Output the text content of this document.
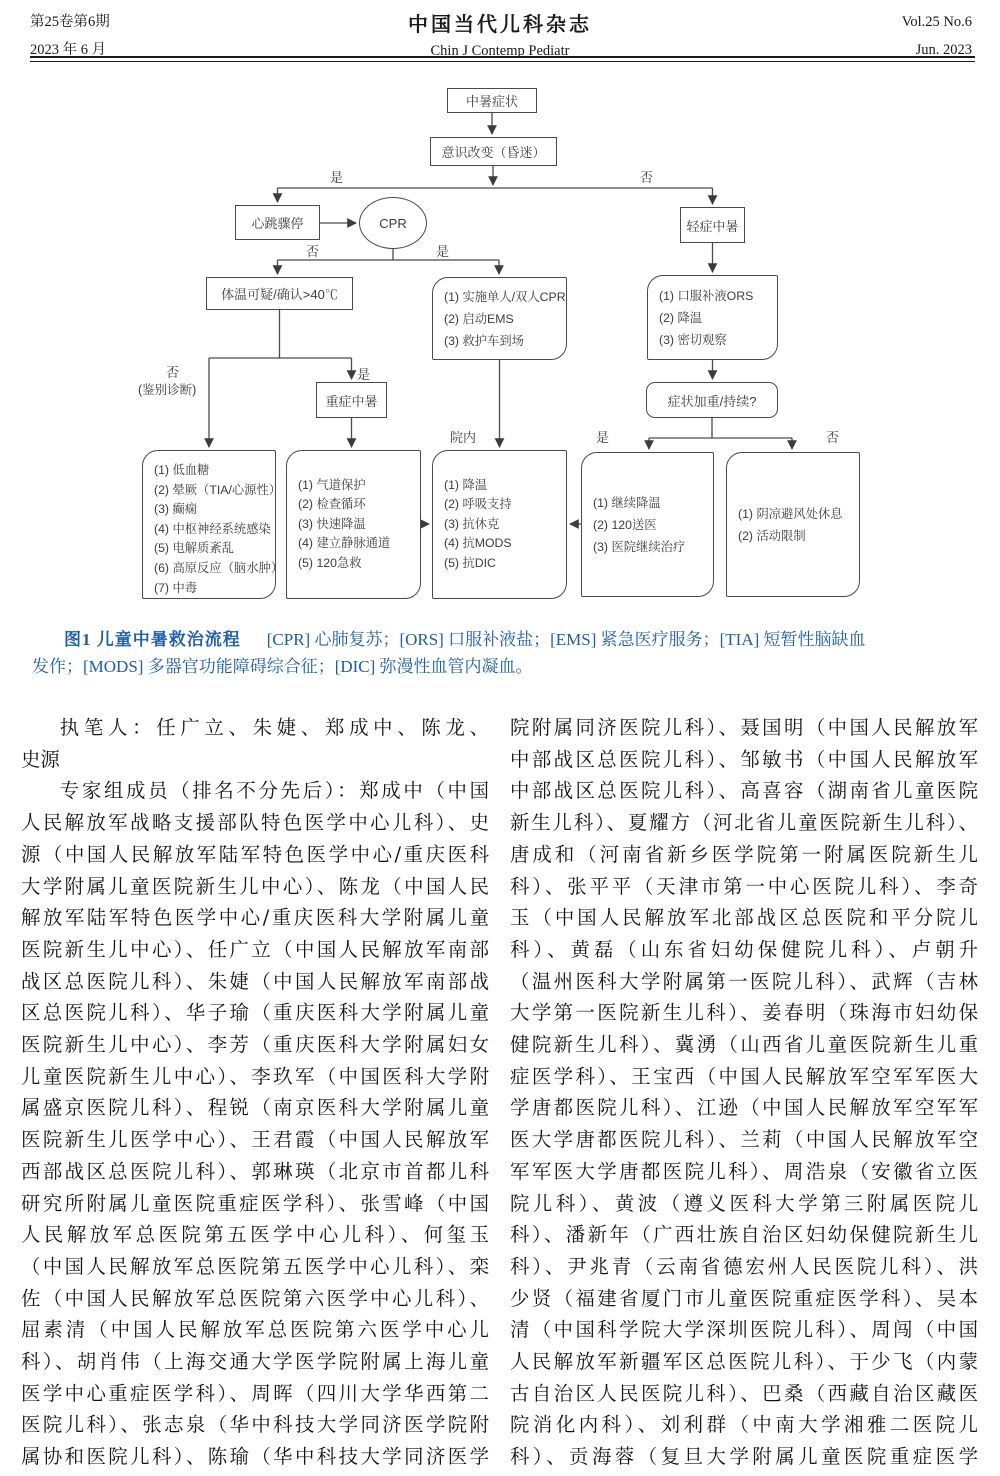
第25卷第6期
2023 年 6 月
中国当代儿科杂志
Chin J Contemp Pediatr
Vol.25 No.6
Jun. 2023
中暑症状
意识改变（昏迷）
心跳骤停	CPR	轻症中暑
体温可疑/确认>40℃
重症中暑	症状加重/持续?
(1) 实施单人/双人CPR
(2) 启动EMS
(3) 救护车到场
(1) 口服补液ORS
(2) 降温
(3) 密切观察
(1) 低血糖
(2) 晕厥（TIA/心源性）
(3) 癫痫
(4) 中枢神经系统感染
(5) 电解质紊乱
(6) 高原反应（脑水肿）
(7) 中毒
(1) 气道保护
(2) 检查循环
(3) 快速降温
(4) 建立静脉通道
(5) 120急救
(1) 降温
(2) 呼吸支持
(3) 抗休克
(4) 抗MODS
(5) 抗DIC
(1) 继续降温
(2) 120送医
(3) 医院继续治疗
(1) 阴凉避风处休息
(2) 活动限制
是	否
否	是
否
(鉴别诊断)
是
院内	是	否
图1 儿童中暑救治流程 [CPR] 心肺复苏；[ORS] 口服补液盐；[EMS] 紧急医疗服务；[TIA] 短暂性脑缺血
发作；[MODS] 多器官功能障碍综合征；[DIC] 弥漫性血管内凝血。
执笔人：任广立、朱婕、郑成中、陈龙、
史源
专家组成员（排名不分先后）：郑成中（中国
人民解放军战略支援部队特色医学中心儿科）、史
源（中国人民解放军陆军特色医学中心/重庆医科
大学附属儿童医院新生儿中心）、陈龙（中国人民
解放军陆军特色医学中心/重庆医科大学附属儿童
医院新生儿中心）、任广立（中国人民解放军南部
战区总医院儿科）、朱婕（中国人民解放军南部战
区总医院儿科）、华子瑜（重庆医科大学附属儿童
医院新生儿中心）、李芳（重庆医科大学附属妇女
儿童医院新生儿中心）、李玖军（中国医科大学附
属盛京医院儿科）、程锐（南京医科大学附属儿童
医院新生儿医学中心）、王君霞（中国人民解放军
西部战区总医院儿科）、郭琳瑛（北京市首都儿科
研究所附属儿童医院重症医学科）、张雪峰（中国
人民解放军总医院第五医学中心儿科）、何玺玉
（中国人民解放军总医院第五医学中心儿科）、栾
佐（中国人民解放军总医院第六医学中心儿科）、
屈素清（中国人民解放军总医院第六医学中心儿
科）、胡肖伟（上海交通大学医学院附属上海儿童
医学中心重症医学科）、周晖（四川大学华西第二
医院儿科）、张志泉（华中科技大学同济医学院附
属协和医院儿科）、陈瑜（华中科技大学同济医学
院附属同济医院儿科）、聂国明（中国人民解放军
中部战区总医院儿科）、邹敏书（中国人民解放军
中部战区总医院儿科）、高喜容（湖南省儿童医院
新生儿科）、夏耀方（河北省儿童医院新生儿科）、
唐成和（河南省新乡医学院第一附属医院新生儿
科）、张平平（天津市第一中心医院儿科）、李奇
玉（中国人民解放军北部战区总医院和平分院儿
科）、黄磊（山东省妇幼保健院儿科）、卢朝升
（温州医科大学附属第一医院儿科）、武辉（吉林
大学第一医院新生儿科）、姜春明（珠海市妇幼保
健院新生儿科）、冀湧（山西省儿童医院新生儿重
症医学科）、王宝西（中国人民解放军空军军医大
学唐都医院儿科）、江逊（中国人民解放军空军军
医大学唐都医院儿科）、兰莉（中国人民解放军空
军军医大学唐都医院儿科）、周浩泉（安徽省立医
院儿科）、黄波（遵义医科大学第三附属医院儿
科）、潘新年（广西壮族自治区妇幼保健院新生儿
科）、尹兆青（云南省德宏州人民医院儿科）、洪
少贤（福建省厦门市儿童医院重症医学科）、吴本
清（中国科学院大学深圳医院儿科）、周闯（中国
人民解放军新疆军区总医院儿科）、于少飞（内蒙
古自治区人民医院儿科）、巴桑（西藏自治区藏医
院消化内科）、刘利群（中南大学湘雅二医院儿
科）、贡海蓉（复旦大学附属儿童医院重症医学
